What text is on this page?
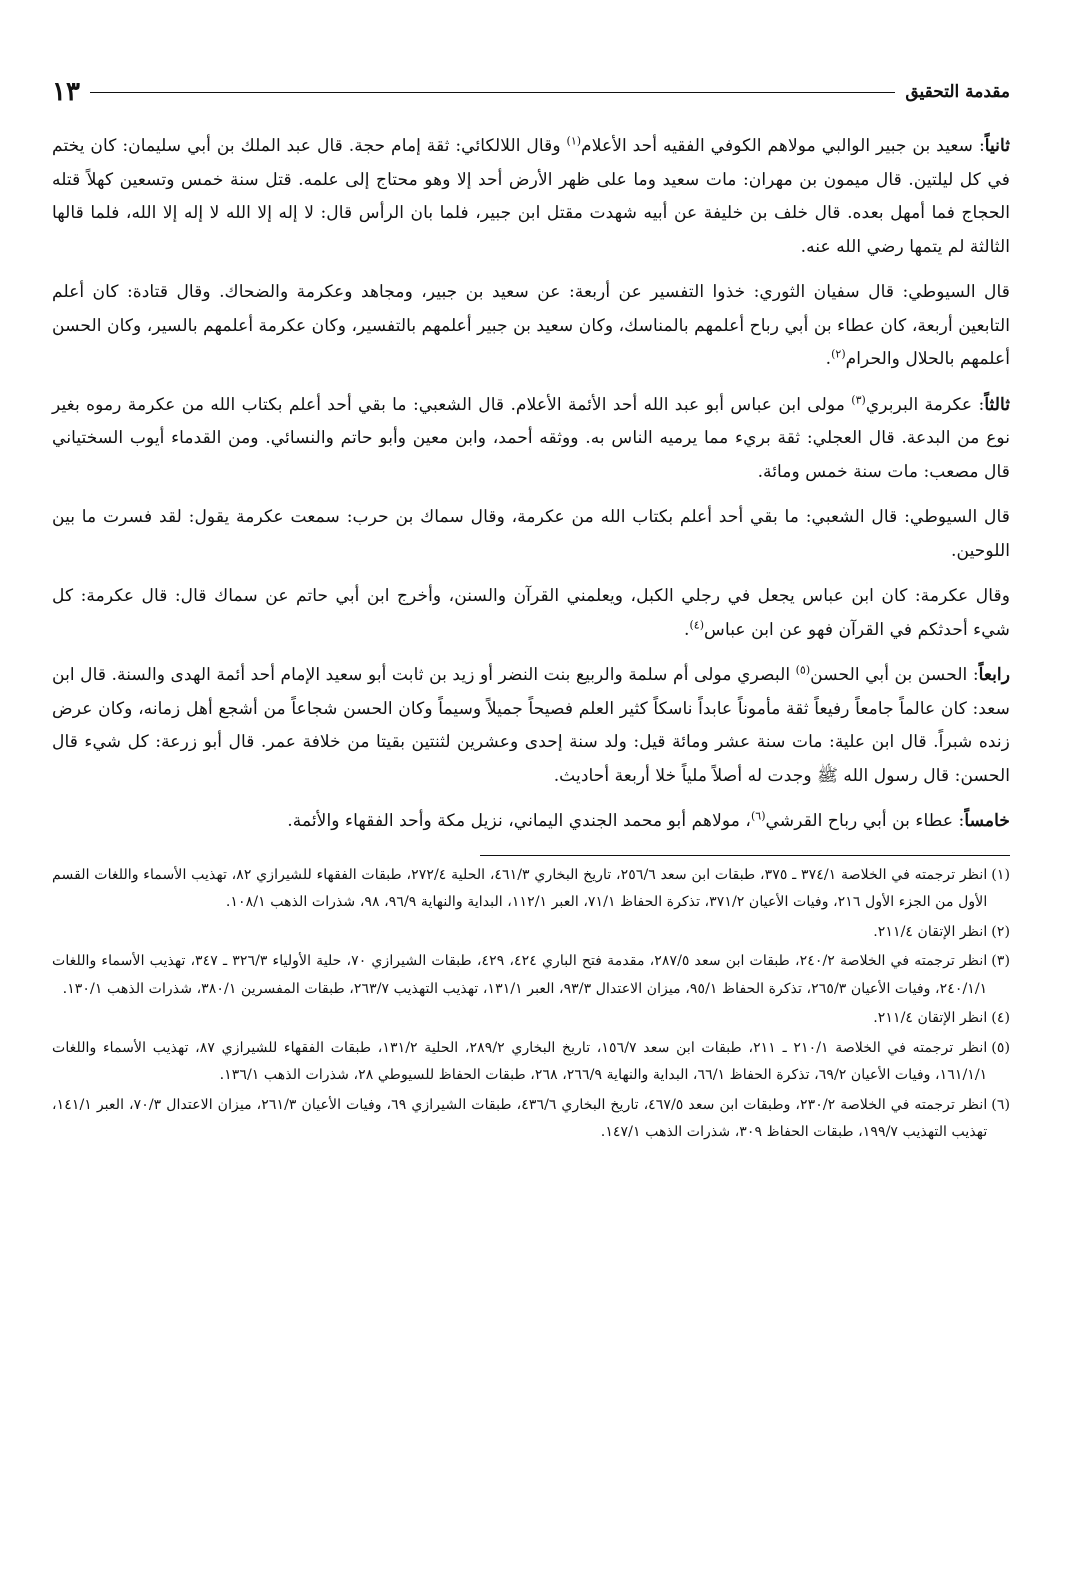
مقدمة التحقيق
١٣

ثانياً: سعيد بن جبير الوالبي مولاهم الكوفي الفقيه أحد الأعلام$^{(١)}$ وقال اللالكائي: ثقة إمام حجة. قال عبد الملك بن أبي سليمان: كان يختم في كل ليلتين. قال ميمون بن مهران: مات سعيد وما على ظهر الأرض أحد إلا وهو محتاج إلى علمه. قتل سنة خمس وتسعين كهلاً قتله الحجاج فما أمهل بعده. قال خلف بن خليفة عن أبيه شهدت مقتل ابن جبير، فلما بان الرأس قال: لا إله إلا الله لا إله إلا الله، فلما قالها الثالثة لم يتمها رضي الله عنه.

قال السيوطي: قال سفيان الثوري: خذوا التفسير عن أربعة: عن سعيد بن جبير، ومجاهد وعكرمة والضحاك. وقال قتادة: كان أعلم التابعين أربعة، كان عطاء بن أبي رباح أعلمهم بالمناسك، وكان سعيد بن جبير أعلمهم بالتفسير، وكان عكرمة أعلمهم بالسير، وكان الحسن أعلمهم بالحلال والحرام$^{(٢)}$.

ثالثاً: عكرمة البربري$^{(٣)}$ مولى ابن عباس أبو عبد الله أحد الأئمة الأعلام. قال الشعبي: ما بقي أحد أعلم بكتاب الله من عكرمة رموه بغير نوع من البدعة. قال العجلي: ثقة بريء مما يرميه الناس به. ووثقه أحمد، وابن معين وأبو حاتم والنسائي. ومن القدماء أيوب السختياني قال مصعب: مات سنة خمس ومائة.

قال السيوطي: قال الشعبي: ما بقي أحد أعلم بكتاب الله من عكرمة، وقال سماك بن حرب: سمعت عكرمة يقول: لقد فسرت ما بين اللوحين.

وقال عكرمة: كان ابن عباس يجعل في رجلي الكبل، ويعلمني القرآن والسنن، وأخرج ابن أبي حاتم عن سماك قال: قال عكرمة: كل شيء أحدثكم في القرآن فهو عن ابن عباس$^{(٤)}$.

رابعاً: الحسن بن أبي الحسن$^{(٥)}$ البصري مولى أم سلمة والربيع بنت النضر أو زيد بن ثابت أبو سعيد الإمام أحد أئمة الهدى والسنة. قال ابن سعد: كان عالماً جامعاً رفيعاً ثقة مأموناً عابداً ناسكاً كثير العلم فصيحاً جميلاً وسيماً وكان الحسن شجاعاً من أشجع أهل زمانه، وكان عرض زنده شبراً. قال ابن علية: مات سنة عشر ومائة قيل: ولد سنة إحدى وعشرين لثنتين بقيتا من خلافة عمر. قال أبو زرعة: كل شيء قال الحسن: قال رسول الله ﷺ وجدت له أصلاً ملياً خلا أربعة أحاديث.

خامساً: عطاء بن أبي رباح القرشي$^{(٦)}$، مولاهم أبو محمد الجندي اليماني، نزيل مكة وأحد الفقهاء والأئمة.

(١)
انظر ترجمته في الخلاصة ٣٧٤/١ ـ ٣٧٥، طبقات ابن سعد ٢٥٦/٦، تاريخ البخاري ٤٦١/٣، الحلية ٢٧٢/٤، طبقات الفقهاء للشيرازي ٨٢، تهذيب الأسماء واللغات القسم الأول من الجزء الأول ٢١٦، وفيات الأعيان ٣٧١/٢، تذكرة الحفاظ ٧١/١، العبر ١١٢/١، البداية والنهاية ٩٦/٩، ٩٨، شذرات الذهب ١٠٨/١.
(٢)
انظر الإتقان ٢١١/٤.
(٣)
انظر ترجمته في الخلاصة ٢٤٠/٢، طبقات ابن سعد ٢٨٧/٥، مقدمة فتح الباري ٤٢٤، ٤٢٩، طبقات الشيرازي ٧٠، حلية الأولياء ٣٢٦/٣ ـ ٣٤٧، تهذيب الأسماء واللغات ٢٤٠/١/١، وفيات الأعيان ٢٦٥/٣، تذكرة الحفاظ ٩٥/١، ميزان الاعتدال ٩٣/٣، العبر ١٣١/١، تهذيب التهذيب ٢٦٣/٧، طبقات المفسرين ٣٨٠/١، شذرات الذهب ١٣٠/١.
(٤)
انظر الإتقان ٢١١/٤.
(٥)
انظر ترجمته في الخلاصة ٢١٠/١ ـ ٢١١، طبقات ابن سعد ١٥٦/٧، تاريخ البخاري ٢٨٩/٢، الحلية ١٣١/٢، طبقات الفقهاء للشيرازي ٨٧، تهذيب الأسماء واللغات ١٦١/١/١، وفيات الأعيان ٦٩/٢، تذكرة الحفاظ ٦٦/١، البداية والنهاية ٢٦٦/٩، ٢٦٨، طبقات الحفاظ للسيوطي ٢٨، شذرات الذهب ١٣٦/١.
(٦)
انظر ترجمته في الخلاصة ٢٣٠/٢، وطبقات ابن سعد ٤٦٧/٥، تاريخ البخاري ٤٣٦/٦، طبقات الشيرازي ٦٩، وفيات الأعيان ٢٦١/٣، ميزان الاعتدال ٧٠/٣، العبر ١٤١/١، تهذيب التهذيب ١٩٩/٧، طبقات الحفاظ ٣٠٩، شذرات الذهب ١٤٧/١.
